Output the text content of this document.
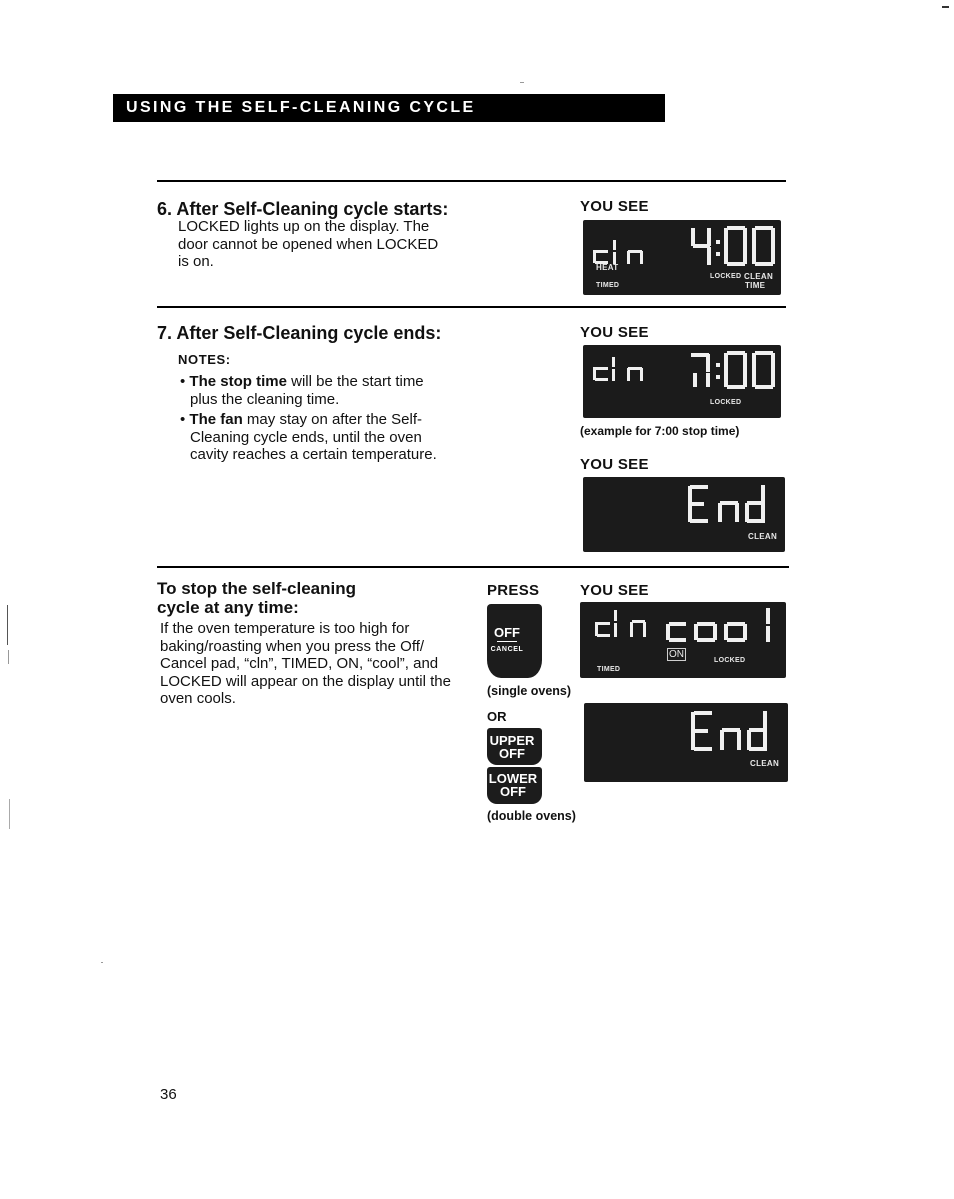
USING THE SELF-CLEANING CYCLE
6. After Self-Cleaning cycle starts:
LOCKED lights up on the display. The
door cannot be opened when LOCKED
is on.
YOU SEE
HEAT
TIMED
LOCKED CLEAN
TIME
7. After Self-Cleaning cycle ends:
NOTES:
• The stop time will be the start time
plus the cleaning time.
• The fan may stay on after the Self-
Cleaning cycle ends, until the oven
cavity reaches a certain temperature.
YOU SEE
LOCKED
(example for 7:00 stop time)
YOU SEE
CLEAN
To stop the self-cleaning
cycle at any time:
If the oven temperature is too high for
baking/roasting when you press the Off/
Cancel pad, “cln”, TIMED, ON, “cool”, and
LOCKED will appear on the display until the
oven cools.
PRESS	YOU SEE
OFF
CANCEL
(single ovens)
OR
UPPER
OFF
LOWER
OFF
(double ovens)
ON
TIMED
LOCKED
CLEAN
36
